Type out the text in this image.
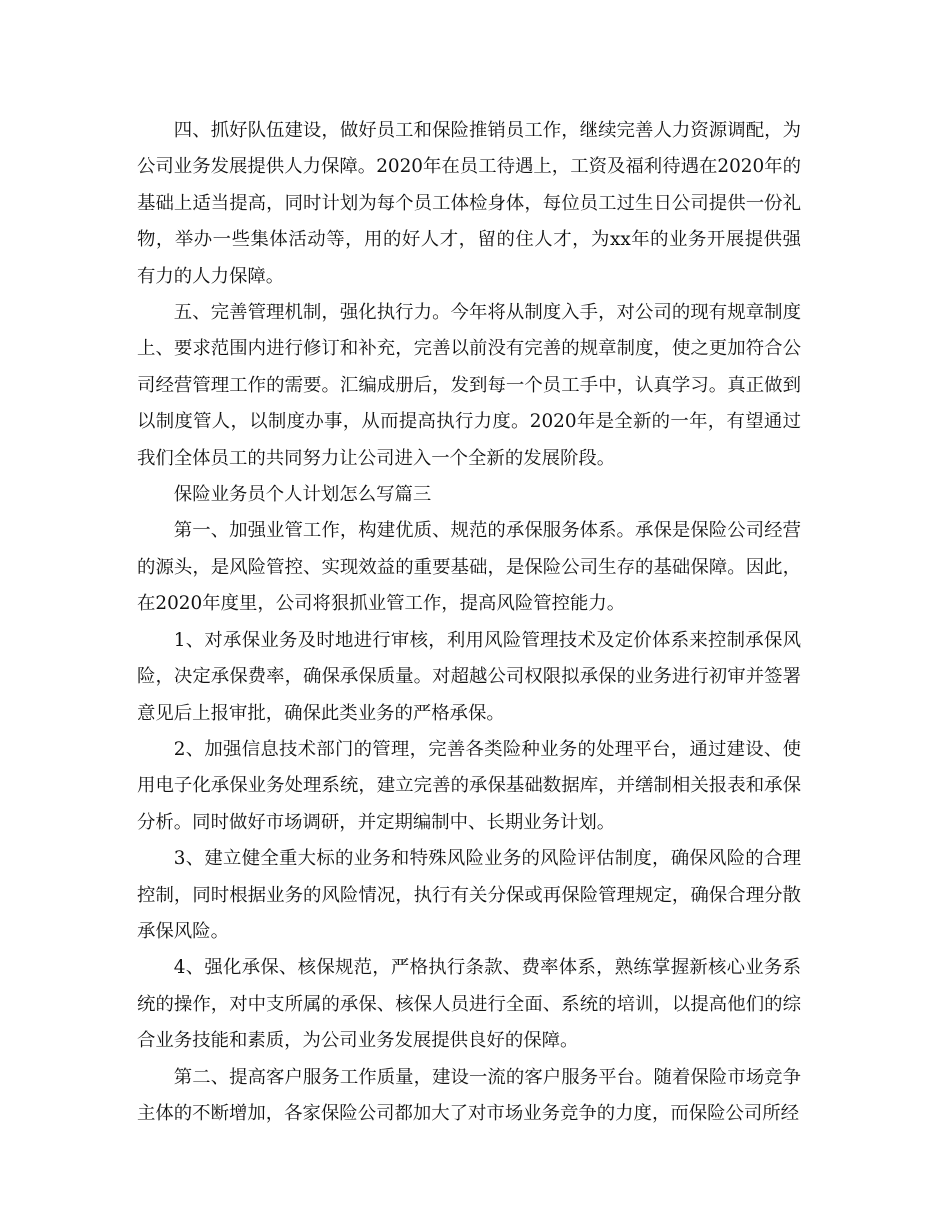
四、抓好队伍建设，做好员工和保险推销员工作，继续完善人力资源调配，为公司业务发展提供人力保障。2020年在员工待遇上，工资及福利待遇在2020年的基础上适当提高，同时计划为每个员工体检身体，每位员工过生日公司提供一份礼物，举办一些集体活动等，用的好人才，留的住人才，为xx年的业务开展提供强有力的人力保障。

五、完善管理机制，强化执行力。今年将从制度入手，对公司的现有规章制度上、要求范围内进行修订和补充，完善以前没有完善的规章制度，使之更加符合公司经营管理工作的需要。汇编成册后，发到每一个员工手中，认真学习。真正做到以制度管人，以制度办事，从而提高执行力度。2020年是全新的一年，有望通过我们全体员工的共同努力让公司进入一个全新的发展阶段。

保险业务员个人计划怎么写篇三

第一、加强业管工作，构建优质、规范的承保服务体系。承保是保险公司经营的源头，是风险管控、实现效益的重要基础，是保险公司生存的基础保障。因此，在2020年度里，公司将狠抓业管工作，提高风险管控能力。

1、对承保业务及时地进行审核，利用风险管理技术及定价体系来控制承保风险，决定承保费率，确保承保质量。对超越公司权限拟承保的业务进行初审并签署意见后上报审批，确保此类业务的严格承保。

2、加强信息技术部门的管理，完善各类险种业务的处理平台，通过建设、使用电子化承保业务处理系统，建立完善的承保基础数据库，并缮制相关报表和承保分析。同时做好市场调研，并定期编制中、长期业务计划。

3、建立健全重大标的业务和特殊风险业务的风险评估制度，确保风险的合理控制，同时根据业务的风险情况，执行有关分保或再保险管理规定，确保合理分散承保风险。

4、强化承保、核保规范，严格执行条款、费率体系，熟练掌握新核心业务系统的操作，对中支所属的承保、核保人员进行全面、系统的培训，以提高他们的综合业务技能和素质，为公司业务发展提供良好的保障。

第二、提高客户服务工作质量，建设一流的客户服务平台。随着保险市场竞争主体的不断增加，各家保险公司都加大了对市场业务竞争的力度，而保险公司所经
